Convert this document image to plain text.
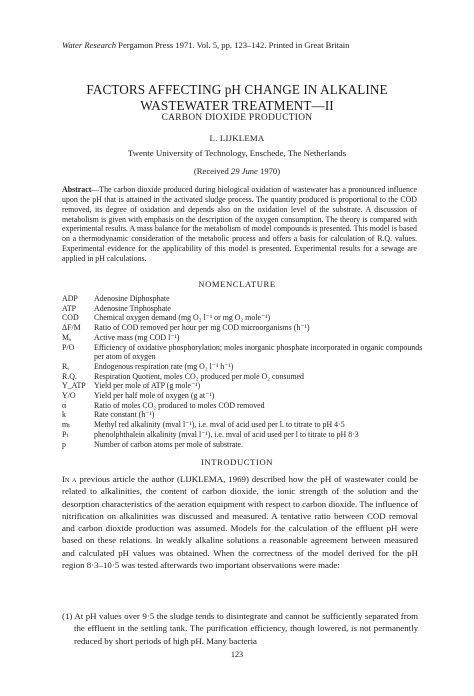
Water Research Pergamon Press 1971. Vol. 5, pp. 123–142. Printed in Great Britain
FACTORS AFFECTING pH CHANGE IN ALKALINE
WASTEWATER TREATMENT—II
CARBON DIOXIDE PRODUCTION
L. LIJKLEMA
Twente University of Technology, Enschede, The Netherlands
(Received 29 June 1970)
Abstract—The carbon dioxide produced during biological oxidation of wastewater has a pronounced influence upon the pH that is attained in the activated sludge process. The quantity produced is proportional to the COD removed, its degree of oxidation and depends also on the oxidation level of the substrate. A discussion of metabolism is given with emphasis on the description of the oxygen consumption. The theory is compared with experimental results. A mass balance for the metabolism of model compounds is presented. This model is based on a thermodynamic consideration of the metabolic process and offers a basis for calculation of R.Q. values. Experimental evidence for the applicability of this model is presented. Experimental results for a sewage are applied in pH calculations.
NOMENCLATURE
ADP	Adenosine Diphosphate
ATP	Adenosine Triphosphate
COD	Chemical oxygen demand (mg O₂ l⁻¹ or mg O₂ mole⁻¹)
ΔF/M	Ratio of COD removed per hour per mg COD microorganisms (h⁻¹)
Mₐ	Active mass (mg COD l⁻¹)
P/O	Efficiency of oxidative phosphorylation; moles inorganic phosphate incorporated in organic compounds per atom of oxygen
Rₑ	Endogenous respiration rate (mg O₂ l⁻¹ h⁻¹)
R.Q.	Respiration Quotient, moles CO₂ produced per mole O₂ consumed
Y_ATP	Yield per mole of ATP (g mole⁻¹)
Y/O	Yield per half mole of oxygen (g at⁻¹)
α	Ratio of moles CO₂ produced to moles COD removed
k	Rate constant (h⁻¹)
mₜ	Methyl red alkalinity (mval l⁻¹), i.e. mval of acid used per l. to titrate to pH 4·5
Pₜ	phenolphthalein alkalinity (mval l⁻¹), i.e. mval of acid used per l to titrate to pH 8·3
p	Number of carbon atoms per mole of substrate.
INTRODUCTION

In a previous article the author (LIJKLEMA, 1969) described how the pH of wastewater could be related to alkalinities, the content of carbon dioxide, the ionic strength of the solution and the desorption characteristics of the aeration equipment with respect to carbon dioxide. The influence of nitrification on alkalinities was discussed and measured. A tentative ratio between COD removal and carbon dioxide production was assumed. Models for the calculation of the effluent pH were based on these relations. In weakly alkaline solutions a reasonable agreement between measured and calculated pH values was obtained. When the correctness of the model derived for the pH region 8·3–10·5 was tested afterwards two important observations were made:

(1) At pH values over 9·5 the sludge tends to disintegrate and cannot be sufficiently separated from the effluent in the settling tank. The purification efficiency, though lowered, is not permanently reduced by short periods of high pH. Many bacteria
123
